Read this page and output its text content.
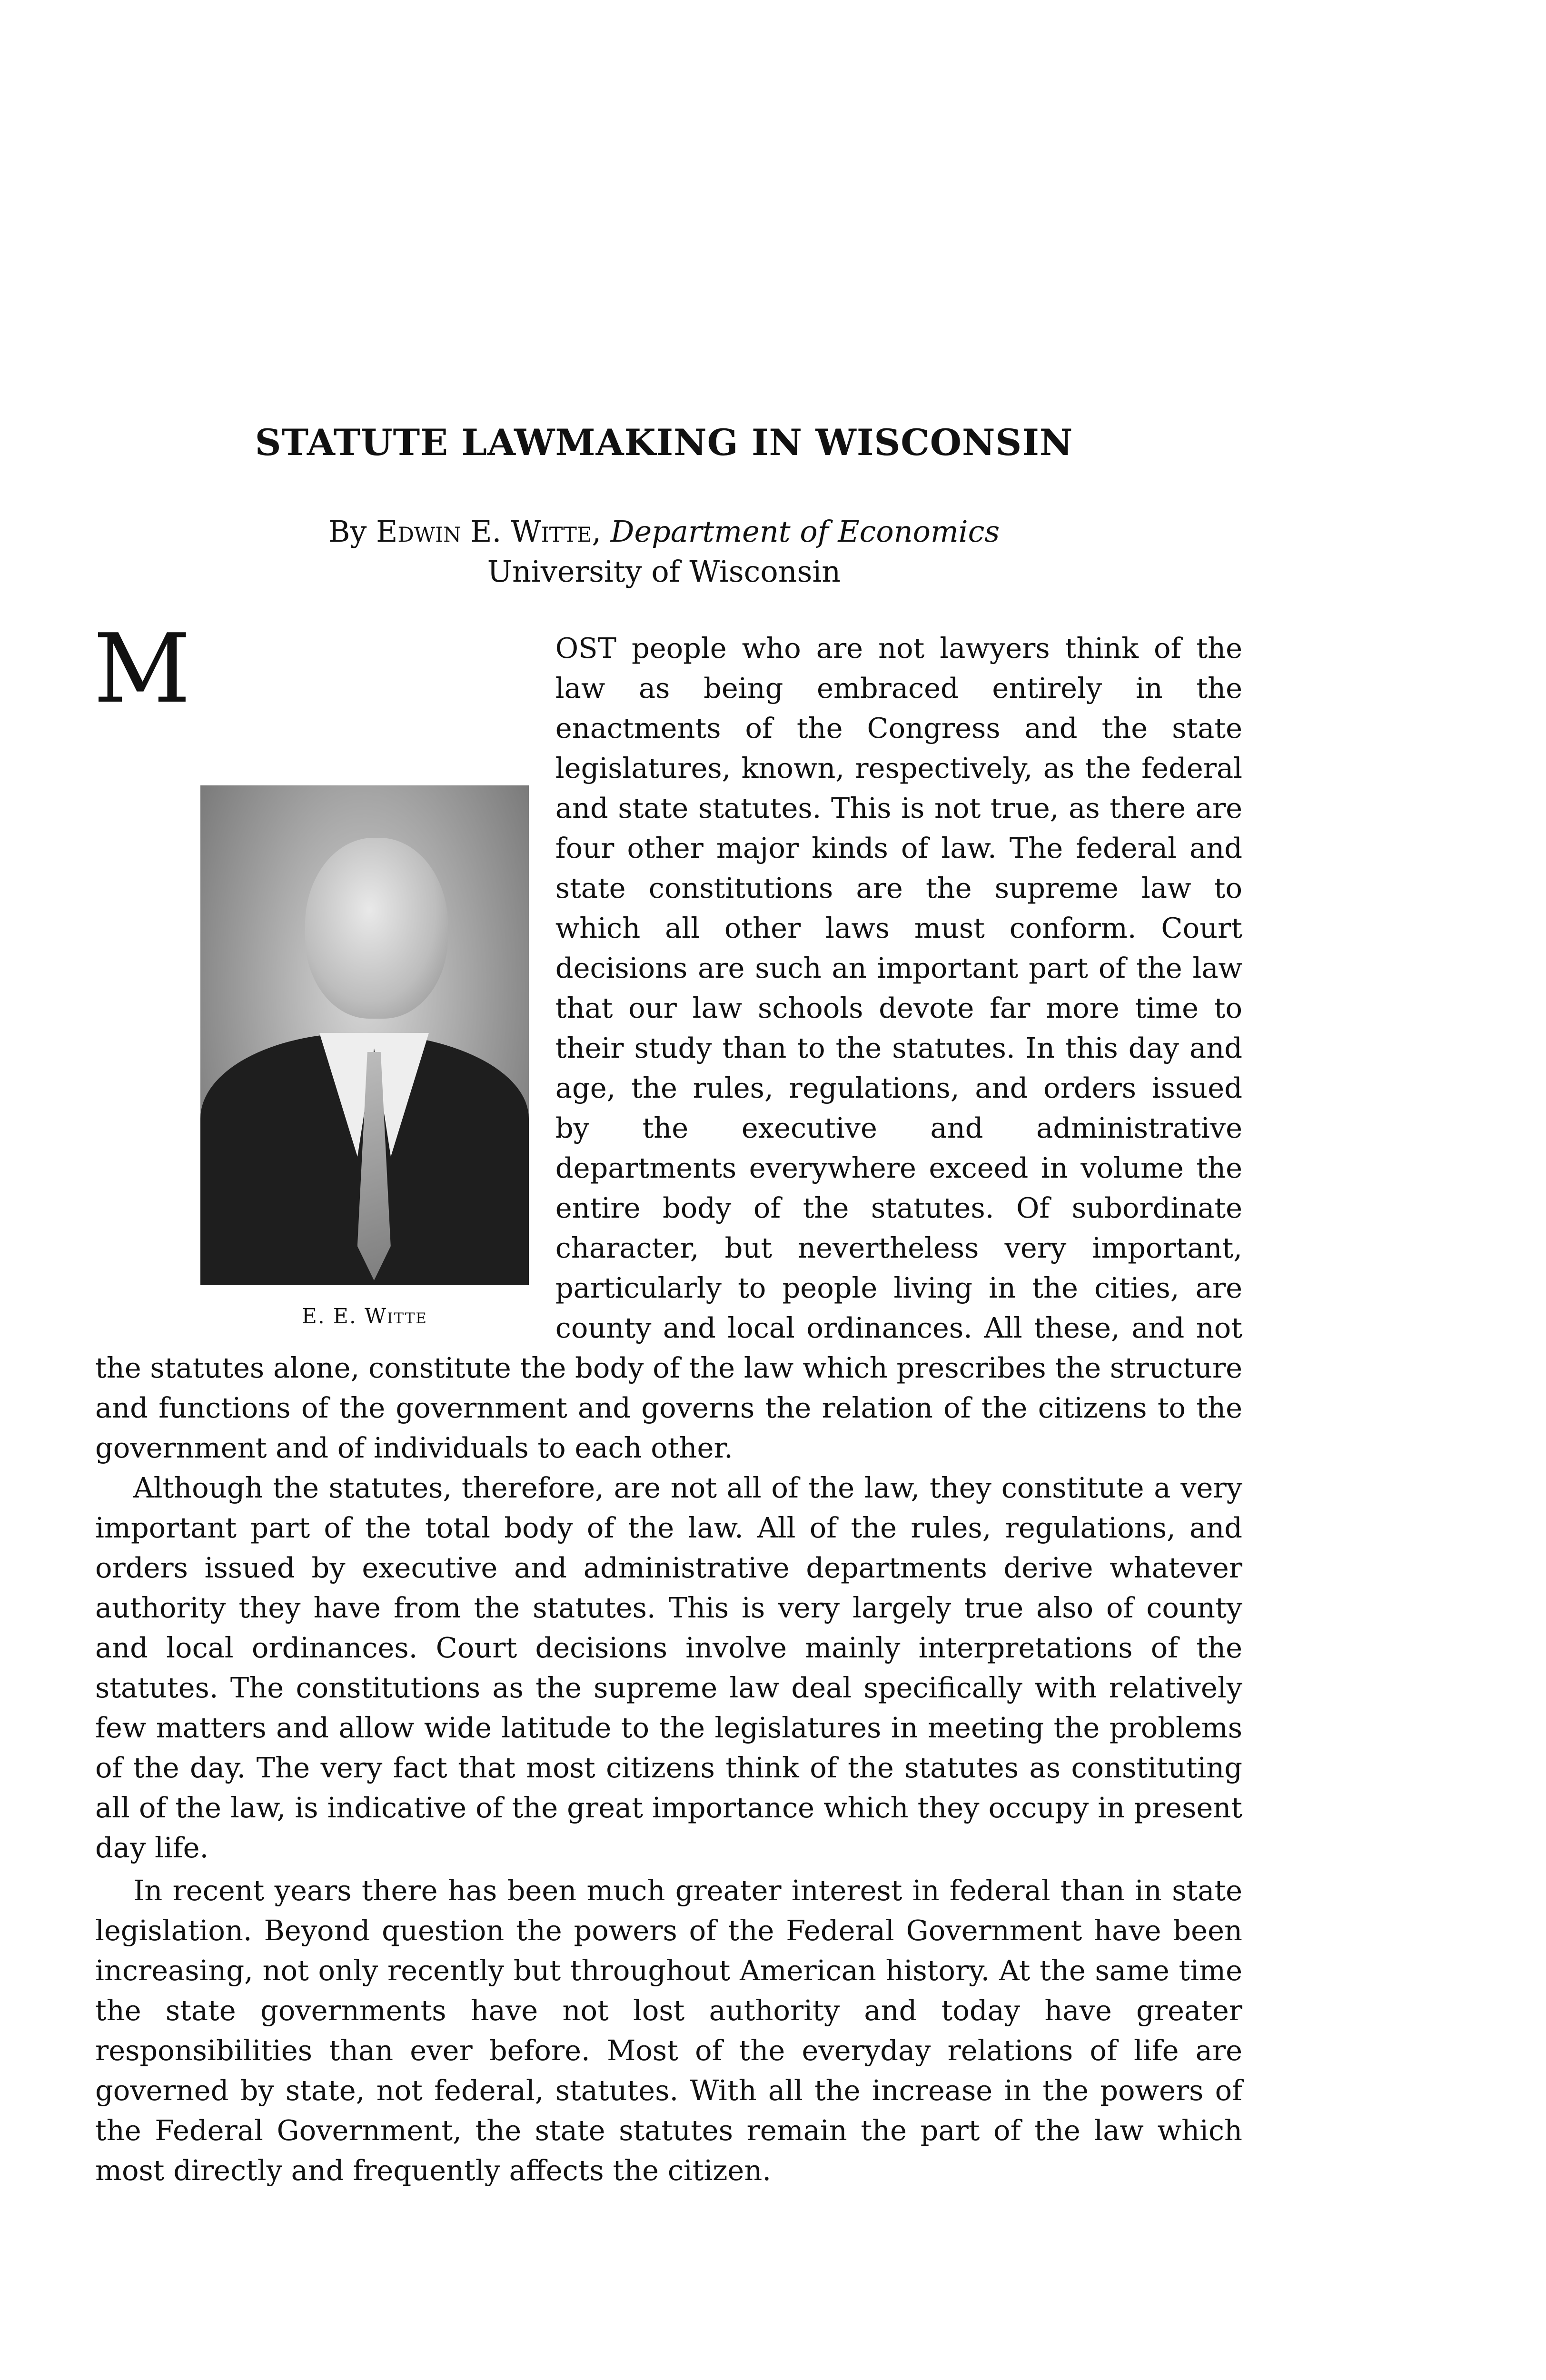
STATUTE LAWMAKING IN WISCONSIN
By Edwin E. Witte, Department of Economics
University of Wisconsin

M
E. E. Witte
OST people who are not lawyers think of the law as being embraced entirely in the enactments of the Congress and the state legislatures, known, respectively, as the federal and state statutes. This is not true, as there are four other major kinds of law. The federal and state constitutions are the supreme law to which all other laws must conform. Court decisions are such an important part of the law that our law schools devote far more time to their study than to the statutes. In this day and age, the rules, regulations, and orders issued by the executive and administrative departments everywhere exceed in volume the entire body of the statutes. Of subordinate character, but nevertheless very important, particularly to people living in the cities, are county and local ordinances. All these, and not the statutes alone, constitute the body of the law which prescribes the structure and functions of the government and governs the relation of the citizens to the government and of individuals to each other.

Although the statutes, therefore, are not all of the law, they constitute a very important part of the total body of the law. All of the rules, regulations, and orders issued by executive and administrative departments derive whatever authority they have from the statutes. This is very largely true also of county and local ordinances. Court decisions involve mainly interpretations of the statutes. The constitutions as the supreme law deal specifically with relatively few matters and allow wide latitude to the legislatures in meeting the problems of the day. The very fact that most citizens think of the statutes as constituting all of the law, is indicative of the great importance which they occupy in present day life.

In recent years there has been much greater interest in federal than in state legislation. Beyond question the powers of the Federal Government have been increasing, not only recently but throughout American history. At the same time the state governments have not lost authority and today have greater responsibilities than ever before. Most of the everyday relations of life are governed by state, not federal, statutes. With all the increase in the powers of the Federal Government, the state statutes remain the part of the law which most directly and frequently affects the citizen.
